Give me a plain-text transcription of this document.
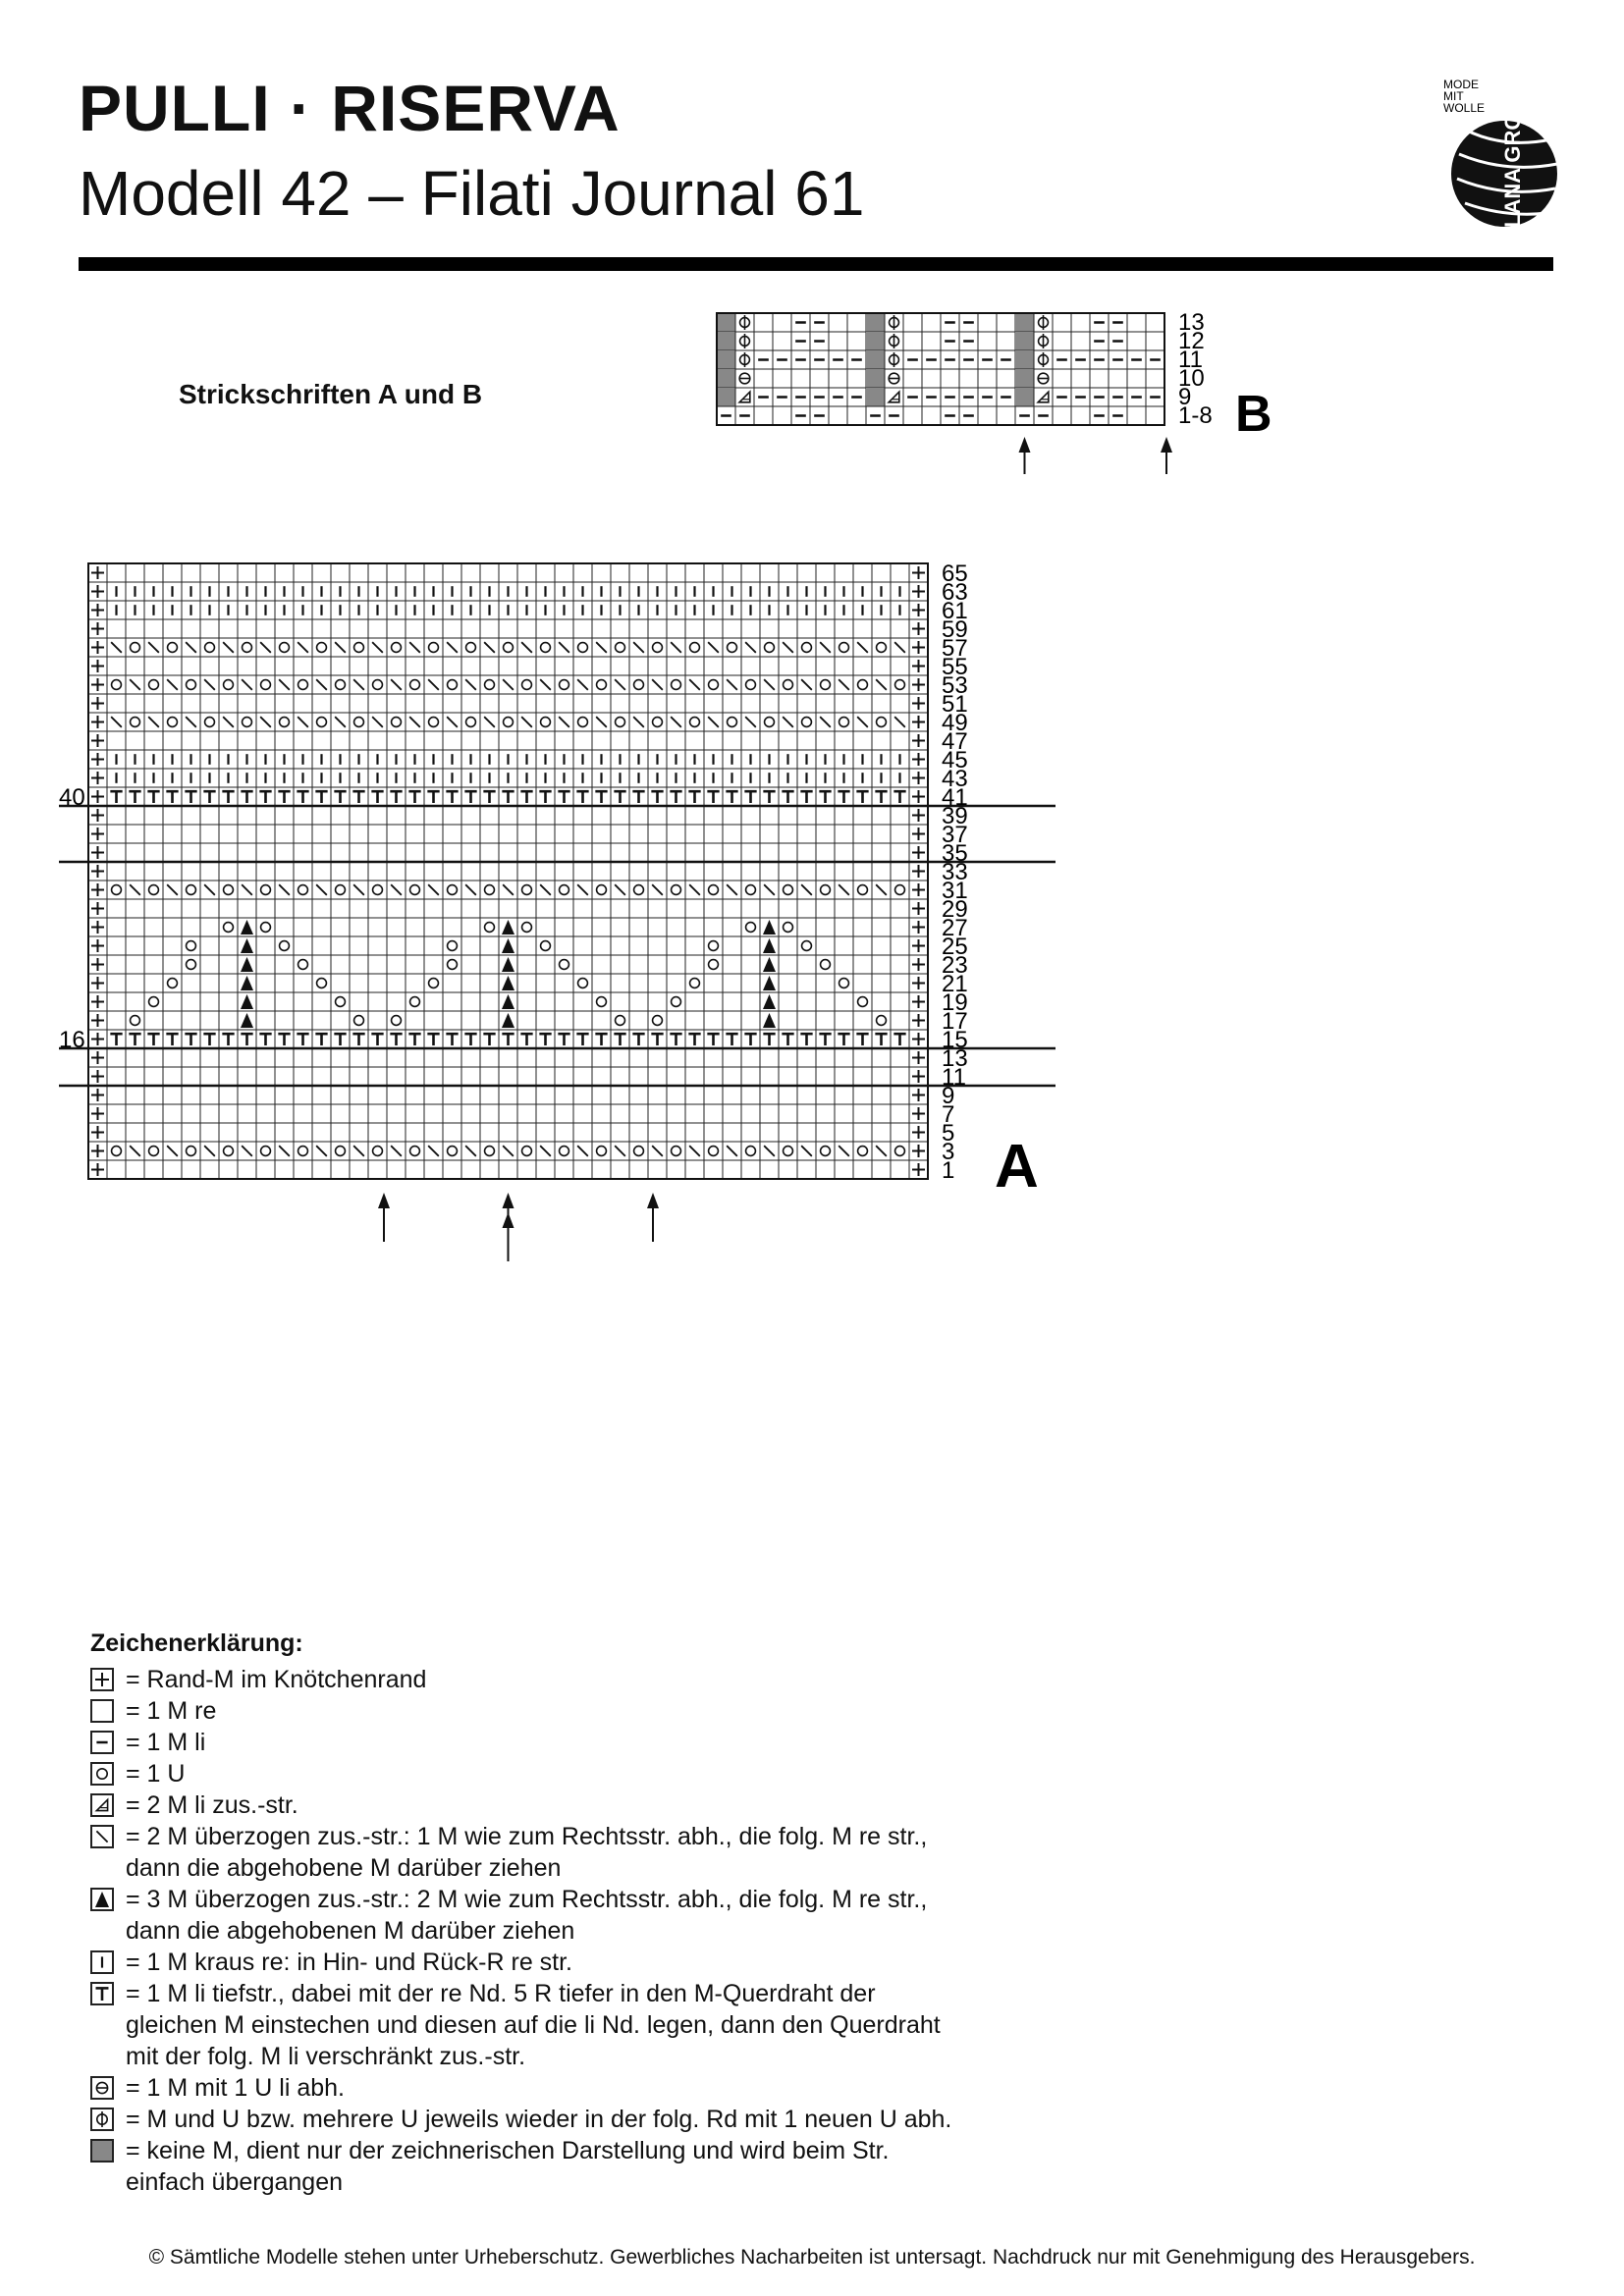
PULLI · RISERVA
Modell 42 – Filati Journal 61
MODE
MIT
WOLLE LANA GROSSA
Strickschriften A und B
13
12
11
10
9
1-8 B
65
63
61
59
57
55
53
51
49
47
45
43
41
39
37
35
33
31
29
27
25
23
21
19
17
15
13
11
9
7
5
3
1
40
16
A
Zeichenerklärung:
= Rand-M im Knötchenrand
= 1 M re
= 1 M li
= 1 U
= 2 M li zus.-str.
= 2 M überzogen zus.-str.: 1 M wie zum Rechtsstr. abh., die folg. M re str.,
dann die abgehobene M darüber ziehen
= 3 M überzogen zus.-str.: 2 M wie zum Rechtsstr. abh., die folg. M re str.,
dann die abgehobenen M darüber ziehen
= 1 M kraus re: in Hin- und Rück-R re str.
= 1 M li tiefstr., dabei mit der re Nd. 5 R tiefer in den M-Querdraht der
gleichen M einstechen und diesen auf die li Nd. legen, dann den Querdraht
mit der folg. M li verschränkt zus.-str.
= 1 M mit 1 U li abh.
= M und U bzw. mehrere U jeweils wieder in der folg. Rd mit 1 neuen U abh.
= keine M, dient nur der zeichnerischen Darstellung und wird beim Str.
einfach übergangen
© Sämtliche Modelle stehen unter Urheberschutz. Gewerbliches Nacharbeiten ist untersagt. Nachdruck nur mit Genehmigung des Herausgebers.
